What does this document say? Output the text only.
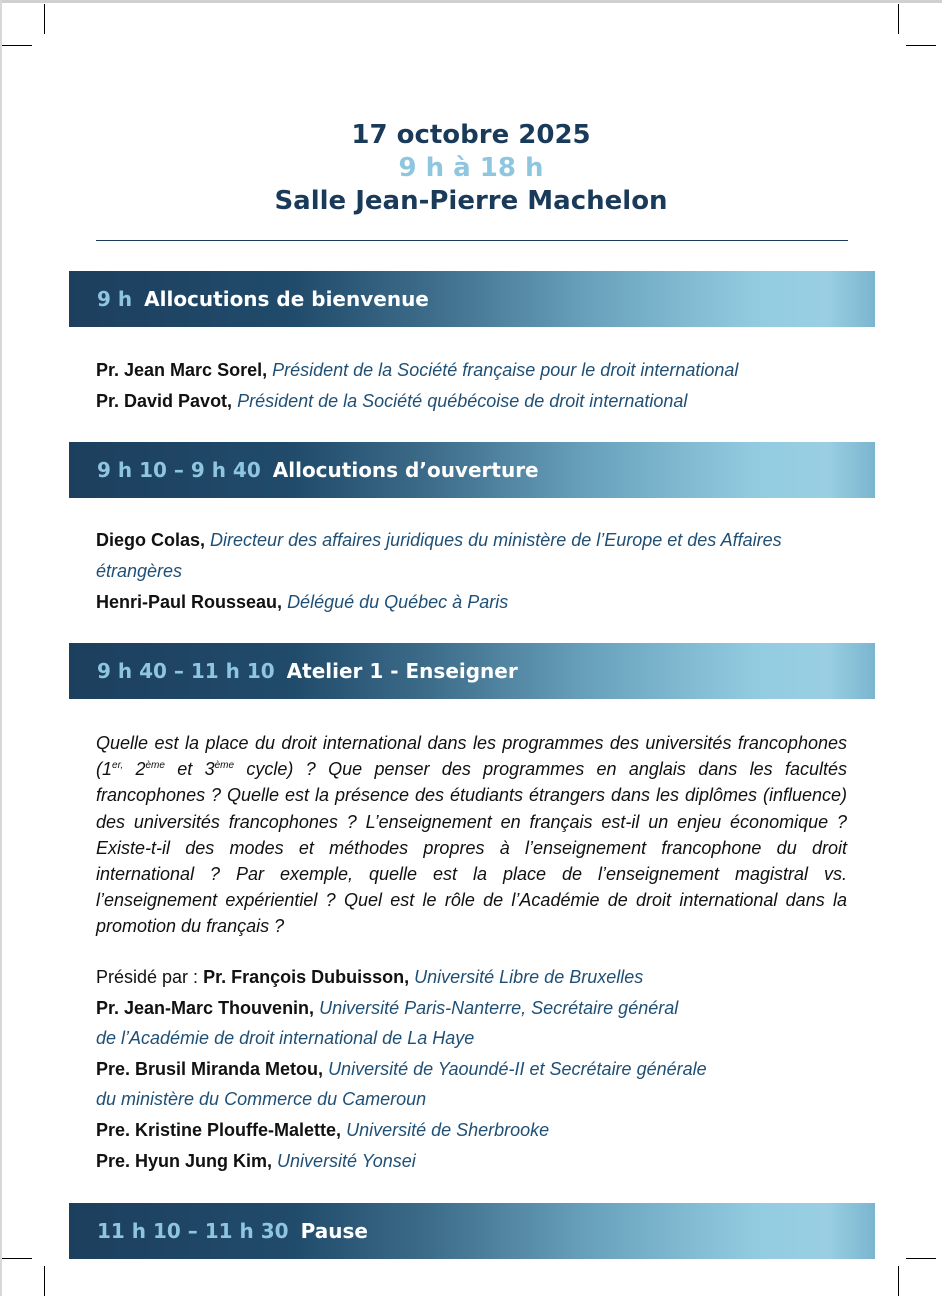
17 octobre 2025
9 h à 18 h
Salle Jean-Pierre Machelon
9 h Allocutions de bienvenue
Pr. Jean Marc Sorel, Président de la Société française pour le droit international
Pr. David Pavot, Président de la Société québécoise de droit international
9 h 10 – 9 h 40 Allocutions d’ouverture
Diego Colas, Directeur des affaires juridiques du ministère de l’Europe et des Affaires
étrangères
Henri-Paul Rousseau, Délégué du Québec à Paris
9 h 40 – 11 h 10 Atelier 1 - Enseigner
Quelle est la place du droit international dans les programmes des universités francophones ($1^{er,}$ 2ème et 3ème cycle) ? Que penser des programmes en anglais dans les facultés francophones ? Quelle est la présence des étudiants étrangers dans les diplômes (influence) des universités francophones ? L’enseignement en français est-il un enjeu économique ? Existe-t-il des modes et méthodes propres à l’enseignement francophone du droit international ? Par exemple, quelle est la place de l’enseignement magistral vs. l’enseignement expérientiel ? Quel est le rôle de l’Académie de droit international dans la promotion du français ?
Présidé par : Pr. François Dubuisson, Université Libre de Bruxelles
Pr. Jean-Marc Thouvenin, Université Paris-Nanterre, Secrétaire général
de l’Académie de droit international de La Haye
Pre. Brusil Miranda Metou, Université de Yaoundé-II et Secrétaire générale
du ministère du Commerce du Cameroun
Pre. Kristine Plouffe-Malette, Université de Sherbrooke
Pre. Hyun Jung Kim, Université Yonsei
11 h 10 – 11 h 30 Pause
